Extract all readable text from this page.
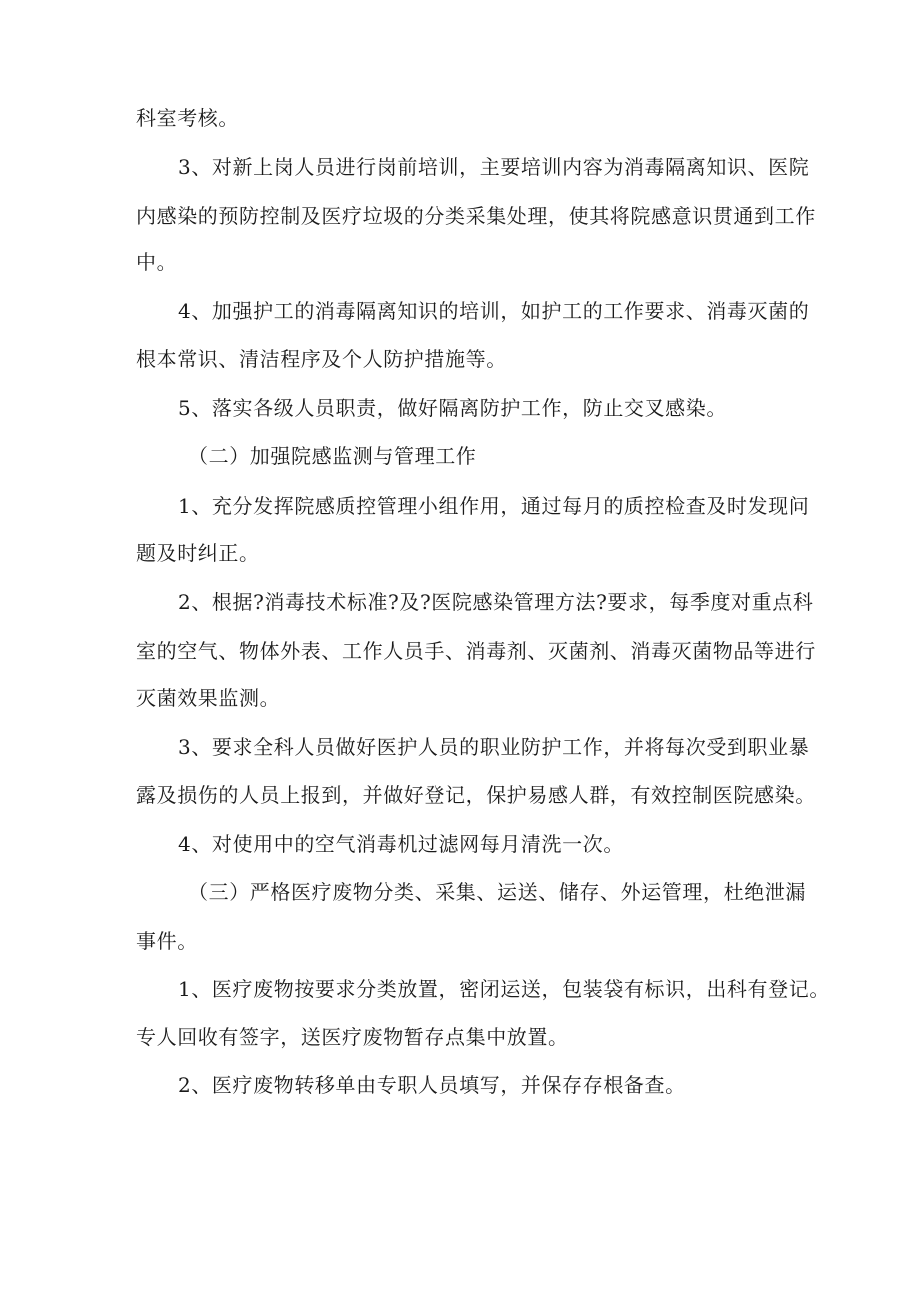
科室考核。
3、对新上岗人员进行岗前培训，主要培训内容为消毒隔离知识、医院
内感染的预防控制及医疗垃圾的分类采集处理，使其将院感意识贯通到工作
中。
4、加强护工的消毒隔离知识的培训，如护工的工作要求、消毒灭菌的
根本常识、清洁程序及个人防护措施等。
5、落实各级人员职责，做好隔离防护工作，防止交叉感染。
（二）加强院感监测与管理工作
1、充分发挥院感质控管理小组作用，通过每月的质控检查及时发现问
题及时纠正。
2、根据?消毒技术标准?及?医院感染管理方法?要求，每季度对重点科
室的空气、物体外表、工作人员手、消毒剂、灭菌剂、消毒灭菌物品等进行
灭菌效果监测。
3、要求全科人员做好医护人员的职业防护工作，并将每次受到职业暴
露及损伤的人员上报到，并做好登记，保护易感人群，有效控制医院感染。
4、对使用中的空气消毒机过滤网每月清洗一次。
（三）严格医疗废物分类、采集、运送、储存、外运管理，杜绝泄漏
事件。
1、医疗废物按要求分类放置，密闭运送，包装袋有标识，出科有登记。
专人回收有签字，送医疗废物暂存点集中放置。
2、医疗废物转移单由专职人员填写，并保存存根备查。
